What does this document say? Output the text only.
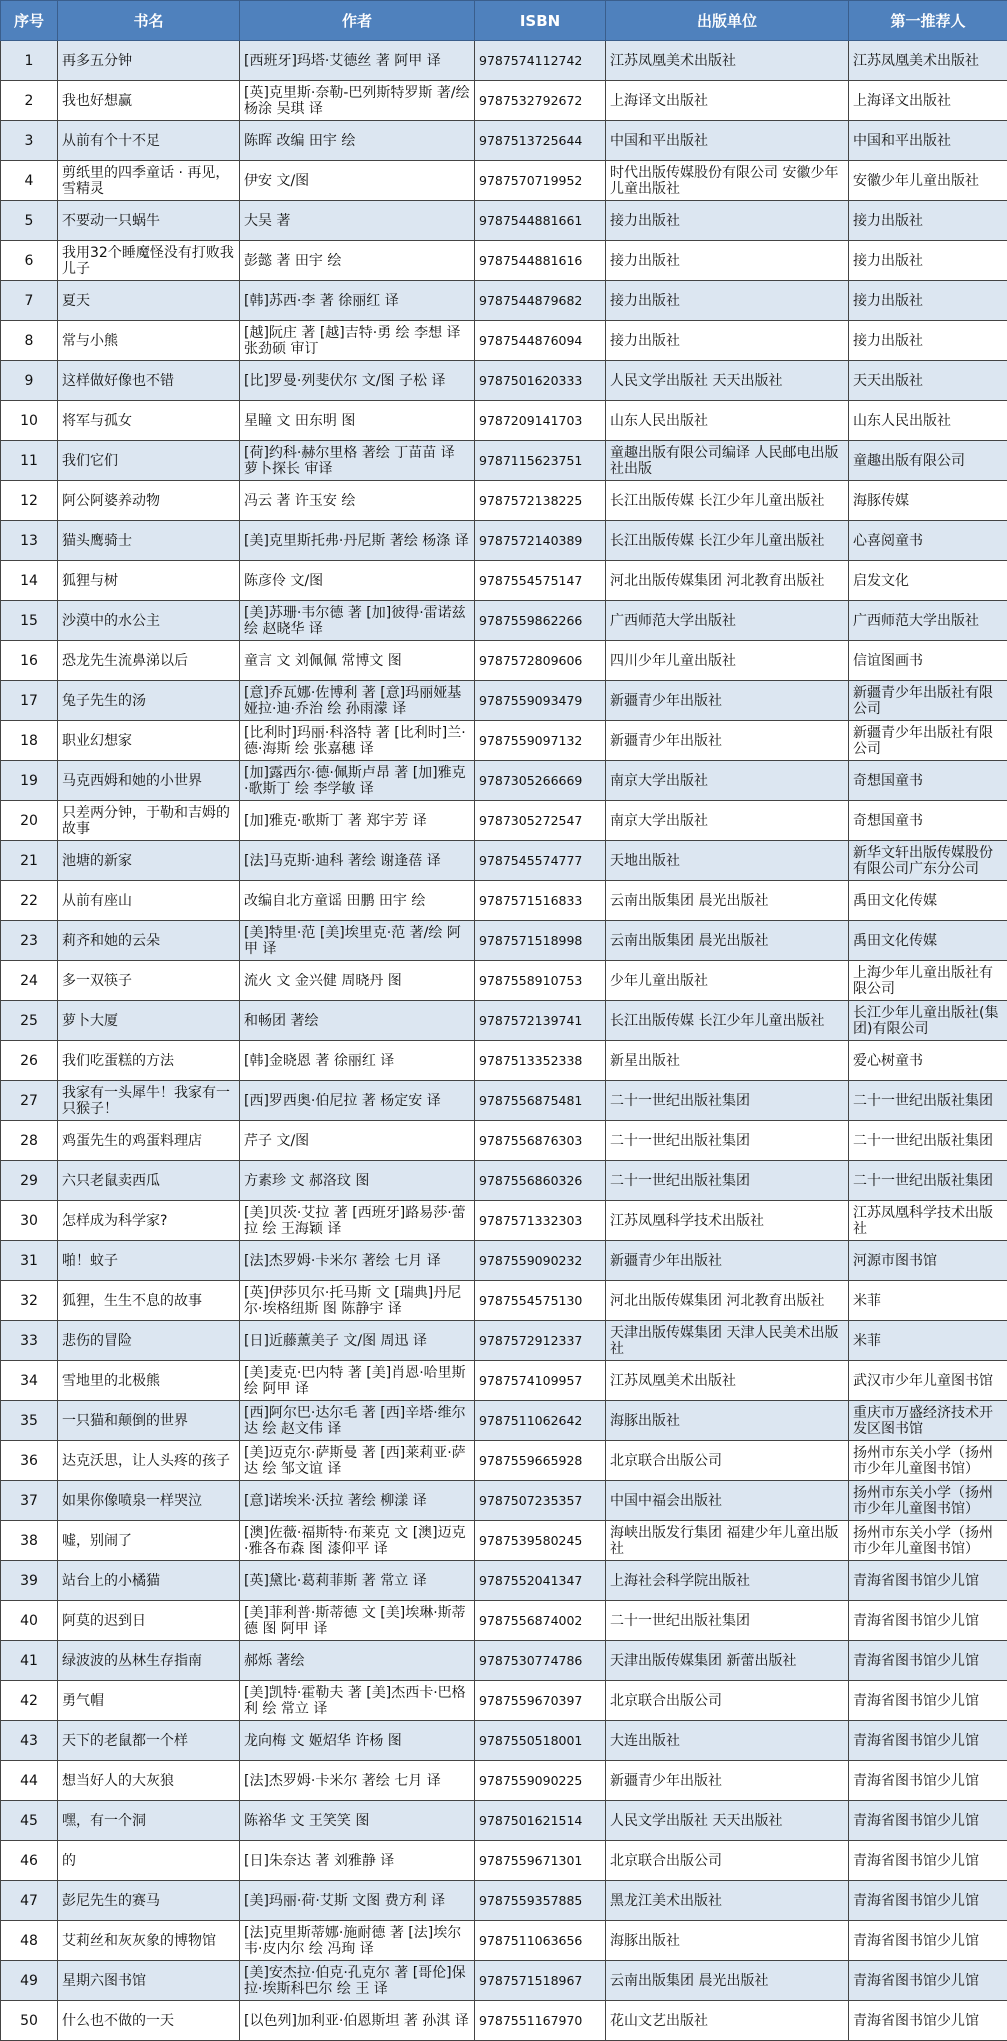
序号	书名	作者	ISBN	出版单位	第一推荐人

1	再多五分钟	[西班牙]玛塔·艾德丝 著 阿甲 译	9787574112742	江苏凤凰美术出版社	江苏凤凰美术出版社

2	我也好想赢	[英]克里斯·奈勒-巴列斯特罗斯 著/绘 杨涂 吴琪 译	9787532792672	上海译文出版社	上海译文出版社

3	从前有个十不足	陈晖 改编 田宇 绘	9787513725644	中国和平出版社	中国和平出版社

4	剪纸里的四季童话 · 再见，雪精灵	伊安 文/图	9787570719952	时代出版传媒股份有限公司 安徽少年儿童出版社	安徽少年儿童出版社

5	不要动一只蜗牛	大吴 著	9787544881661	接力出版社	接力出版社

6	我用32个睡魔怪没有打败我儿子	彭懿 著 田宇 绘	9787544881616	接力出版社	接力出版社

7	夏天	[韩]苏西·李 著 徐丽红 译	9787544879682	接力出版社	接力出版社

8	常与小熊	[越]阮庄 著 [越]吉特·勇 绘 李想 译 张劲硕 审订	9787544876094	接力出版社	接力出版社

9	这样做好像也不错	[比]罗曼·列斐伏尔 文/图 子松 译	9787501620333	人民文学出版社 天天出版社	天天出版社

10	将军与孤女	星瞳 文 田东明 图	9787209141703	山东人民出版社	山东人民出版社

11	我们它们	[荷]约科·赫尔里格 著绘 丁苗苗 译 萝卜探长 审译	9787115623751	童趣出版有限公司编译 人民邮电出版社出版	童趣出版有限公司

12	阿公阿婆养动物	冯云 著 许玉安 绘	9787572138225	长江出版传媒 长江少年儿童出版社	海豚传媒

13	猫头鹰骑士	[美]克里斯托弗·丹尼斯 著绘 杨涤 译	9787572140389	长江出版传媒 长江少年儿童出版社	心喜阅童书

14	狐狸与树	陈彦伶 文/图	9787554575147	河北出版传媒集团 河北教育出版社	启发文化

15	沙漠中的水公主	[美]苏珊·韦尔德 著 [加]彼得·雷诺兹 绘 赵晓华 译	9787559862266	广西师范大学出版社	广西师范大学出版社

16	恐龙先生流鼻涕以后	童言 文 刘佩佩 常博文 图	9787572809606	四川少年儿童出版社	信谊图画书

17	兔子先生的汤	[意]乔瓦娜·佐博利 著 [意]玛丽娅基娅拉·迪·乔治 绘 孙雨濛 译	9787559093479	新疆青少年出版社	新疆青少年出版社有限公司

18	职业幻想家	[比利时]玛丽·科洛特 著 [比利时]兰·德·海斯 绘 张嘉穗 译	9787559097132	新疆青少年出版社	新疆青少年出版社有限公司

19	马克西姆和她的小世界	[加]露西尔·德·佩斯卢昂 著 [加]雅克·歌斯丁 绘 李学敏 译	9787305266669	南京大学出版社	奇想国童书

20	只差两分钟，于勒和吉姆的故事	[加]雅克·歌斯丁 著 郑宇芳 译	9787305272547	南京大学出版社	奇想国童书

21	池塘的新家	[法]马克斯·迪科 著绘 谢逢蓓 译	9787545574777	天地出版社	新华文轩出版传媒股份有限公司广东分公司

22	从前有座山	改编自北方童谣 田鹏 田宇 绘	9787571516833	云南出版集团 晨光出版社	禹田文化传媒

23	莉齐和她的云朵	[美]特里·范 [美]埃里克·范 著/绘 阿甲 译	9787571518998	云南出版集团 晨光出版社	禹田文化传媒

24	多一双筷子	流火 文 金兴健 周晓丹 图	9787558910753	少年儿童出版社	上海少年儿童出版社有限公司

25	萝卜大厦	和畅团 著绘	9787572139741	长江出版传媒 长江少年儿童出版社	长江少年儿童出版社(集团)有限公司

26	我们吃蛋糕的方法	[韩]金晓恩 著 徐丽红 译	9787513352338	新星出版社	爱心树童书

27	我家有一头犀牛！我家有一只猴子！	[西]罗西奥·伯尼拉 著 杨定安 译	9787556875481	二十一世纪出版社集团	二十一世纪出版社集团

28	鸡蛋先生的鸡蛋料理店	芹子 文/图	9787556876303	二十一世纪出版社集团	二十一世纪出版社集团

29	六只老鼠卖西瓜	方素珍 文 郝洛玟 图	9787556860326	二十一世纪出版社集团	二十一世纪出版社集团

30	怎样成为科学家?	[美]贝茨·艾拉 著 [西班牙]路易莎·蕾拉 绘 王海颖 译	9787571332303	江苏凤凰科学技术出版社	江苏凤凰科学技术出版社

31	啪！蚊子	[法]杰罗姆·卡米尔 著绘 七月 译	9787559090232	新疆青少年出版社	河源市图书馆

32	狐狸，生生不息的故事	[英]伊莎贝尔·托马斯 文 [瑞典]丹尼尔·埃格纽斯 图 陈静宇 译	9787554575130	河北出版传媒集团 河北教育出版社	米菲

33	悲伤的冒险	[日]近藤薰美子 文/图 周迅 译	9787572912337	天津出版传媒集团 天津人民美术出版社	米菲

34	雪地里的北极熊	[美]麦克·巴内特 著 [美]肖恩·哈里斯 绘 阿甲 译	9787574109957	江苏凤凰美术出版社	武汉市少年儿童图书馆

35	一只猫和颠倒的世界	[西]阿尔巴·达尔毛 著 [西]辛塔·维尔达 绘 赵文伟 译	9787511062642	海豚出版社	重庆市万盛经济技术开发区图书馆

36	达克沃思，让人头疼的孩子	[美]迈克尔·萨斯曼 著 [西]莱莉亚·萨达 绘 邹文谊 译	9787559665928	北京联合出版公司	扬州市东关小学（扬州市少年儿童图书馆）

37	如果你像喷泉一样哭泣	[意]诺埃米·沃拉 著绘 柳漾 译	9787507235357	中国中福会出版社	扬州市东关小学（扬州市少年儿童图书馆）

38	嘘，别闹了	[澳]佐薇·福斯特·布莱克 文 [澳]迈克·雅各布森 图 漆仰平 译	9787539580245	海峡出版发行集团 福建少年儿童出版社	扬州市东关小学（扬州市少年儿童图书馆）

39	站台上的小橘猫	[英]黛比·葛莉菲斯 著 常立 译	9787552041347	上海社会科学院出版社	青海省图书馆少儿馆

40	阿莫的迟到日	[美]菲利普·斯蒂德 文 [美]埃琳·斯蒂德 图 阿甲 译	9787556874002	二十一世纪出版社集团	青海省图书馆少儿馆

41	绿波波的丛林生存指南	郝烁 著绘	9787530774786	天津出版传媒集团 新蕾出版社	青海省图书馆少儿馆

42	勇气帽	[美]凯特·霍勒夫 著 [美]杰西卡·巴格利 绘 常立 译	9787559670397	北京联合出版公司	青海省图书馆少儿馆

43	天下的老鼠都一个样	龙向梅 文 姬炤华 许杨 图	9787550518001	大连出版社	青海省图书馆少儿馆

44	想当好人的大灰狼	[法]杰罗姆·卡米尔 著绘 七月 译	9787559090225	新疆青少年出版社	青海省图书馆少儿馆

45	嘿，有一个洞	陈裕华 文 王笑笑 图	9787501621514	人民文学出版社 天天出版社	青海省图书馆少儿馆

46	的	[日]朱奈达 著 刘雅静 译	9787559671301	北京联合出版公司	青海省图书馆少儿馆

47	彭尼先生的赛马	[美]玛丽·荷·艾斯 文图 费方利 译	9787559357885	黑龙江美术出版社	青海省图书馆少儿馆

48	艾莉丝和灰灰象的博物馆	[法]克里斯蒂娜·施耐德 著 [法]埃尔韦·皮内尔 绘 冯珣 译	9787511063656	海豚出版社	青海省图书馆少儿馆

49	星期六图书馆	[美]安杰拉·伯克·孔克尔 著 [哥伦]保拉·埃斯科巴尔 绘 王 译	9787571518967	云南出版集团 晨光出版社	青海省图书馆少儿馆

50	什么也不做的一天	[以色列]加利亚·伯恩斯坦 著 孙淇 译	9787551167970	花山文艺出版社	青海省图书馆少儿馆
